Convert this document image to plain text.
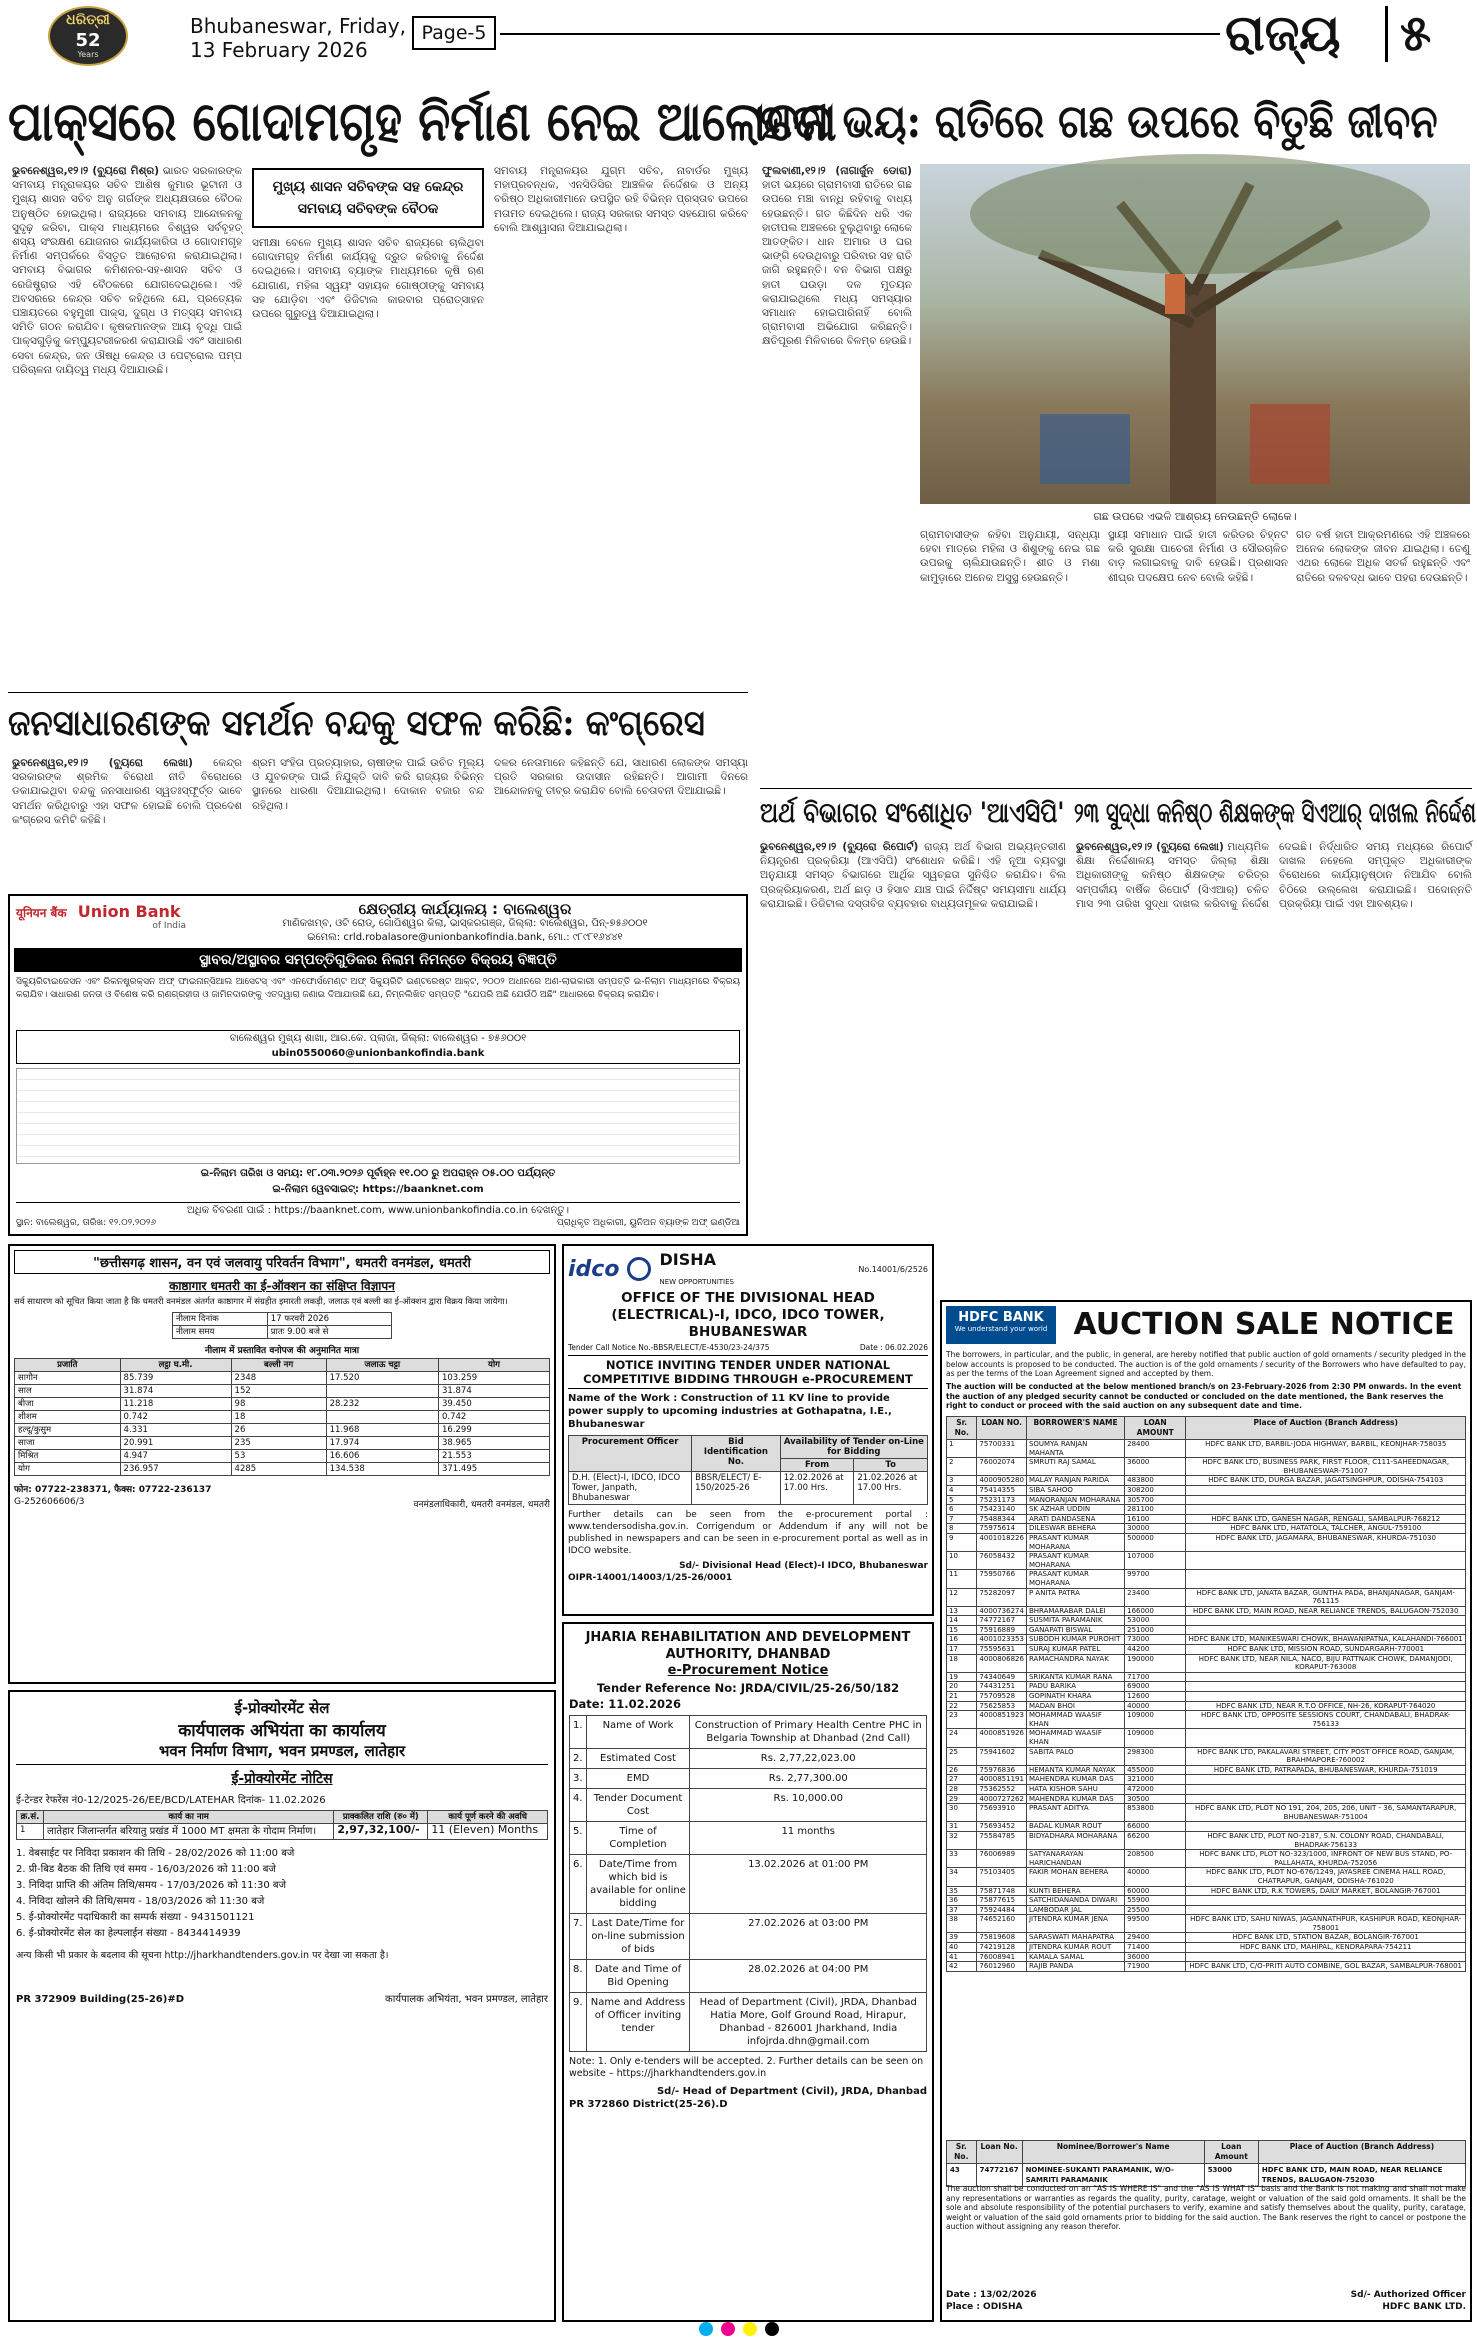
ଧରିତ୍ରୀ
52
Years
Bhubaneswar, Friday,
13 February 2026
Page-5	ରାଜ୍ୟ	୫
ପାକ୍ସରେ ଗୋଦାମଗୃହ ନିର୍ମାଣ ନେଇ ଆଲୋଚନା
ଭୁବନେଶ୍ୱର,୧୨।୨ (ବ୍ୟୁରୋ ମିଶ୍ର) ଭାରତ ସରକାରଙ୍କ ସମବାୟ ମନ୍ତ୍ରାଳୟର ସଚିବ ଆଶିଷ କୁମାର ଭୂଟାନୀ ଓ ମୁଖ୍ୟ ଶାସନ ସଚିବ ଅନୁ ଗର୍ଗଙ୍କ ଅଧ୍ୟକ୍ଷତାରେ ବୈଠକ ଅନୁଷ୍ଠିତ ହୋଇଥିଲା। ରାଜ୍ୟରେ ସମବାୟ ଆନ୍ଦୋଳନକୁ ସୁଦୃଢ଼ କରିବା, ପାକ୍ସ ମାଧ୍ୟମରେ ବିଶ୍ୱର ସର୍ବବୃହତ୍ ଶସ୍ୟ ସଂରକ୍ଷଣ ଯୋଜନାର କାର୍ଯ୍ୟକାରିତା ଓ ଗୋଦାମଗୃହ ନିର୍ମାଣ ସମ୍ପର୍କରେ ବିସ୍ତୃତ ଆଲୋଚନା କରାଯାଇଥିଲା। ସମବାୟ ବିଭାଗର କମିଶନର-ସହ-ଶାସନ ସଚିବ ଓ ରେଜିଷ୍ଟ୍ରାର ଏହି ବୈଠକରେ ଯୋଗଦେଇଥିଲେ। ଏହି ଅବସରରେ କେନ୍ଦ୍ର ସଚିବ କହିଥିଲେ ଯେ, ପ୍ରତ୍ୟେକ ପଞ୍ଚାୟତରେ ବହୁମୁଖୀ ପାକ୍ସ, ଦୁଗ୍ଧ ଓ ମତ୍ସ୍ୟ ସମବାୟ ସମିତି ଗଠନ କରାଯିବ। କୃଷକମାନଙ୍କ ଆୟ ବୃଦ୍ଧି ପାଇଁ ପାକ୍ସଗୁଡ଼ିକୁ କମ୍ପ୍ୟୁଟରୀକରଣ କରାଯାଉଛି ଏବଂ ସାଧାରଣ ସେବା କେନ୍ଦ୍ର, ଜନ ଔଷଧି କେନ୍ଦ୍ର ଓ ପେଟ୍ରୋଲ ପମ୍ପ ପରିଚାଳନା ଦାୟିତ୍ୱ ମଧ୍ୟ ଦିଆଯାଉଛି।
ମୁଖ୍ୟ ଶାସନ ସଚିବଙ୍କ ସହ କେନ୍ଦ୍ର ସମବାୟ ସଚିବଙ୍କ ବୈଠକ
ସମୀକ୍ଷା ବେଳେ ମୁଖ୍ୟ ଶାସନ ସଚିବ ରାଜ୍ୟରେ ଚାଲିଥିବା ଗୋଦାମଗୃହ ନିର୍ମାଣ କାର୍ଯ୍ୟକୁ ଦ୍ରୁତ କରିବାକୁ ନିର୍ଦ୍ଦେଶ ଦେଇଥିଲେ। ସମବାୟ ବ୍ୟାଙ୍କ ମାଧ୍ୟମରେ କୃଷି ଋଣ ଯୋଗାଣ, ମହିଳା ସ୍ୱୟଂ ସହାୟକ ଗୋଷ୍ଠୀଙ୍କୁ ସମବାୟ ସହ ଯୋଡ଼ିବା ଏବଂ ଡିଜିଟାଲ କାରବାର ପ୍ରୋତ୍ସାହନ ଉପରେ ଗୁରୁତ୍ୱ ଦିଆଯାଇଥିଲା।
ସମବାୟ ମନ୍ତ୍ରାଳୟର ଯୁଗ୍ମ ସଚିବ, ନାବାର୍ଡର ମୁଖ୍ୟ ମହାପ୍ରବନ୍ଧକ, ଏନସିଡିସିର ଆଞ୍ଚଳିକ ନିର୍ଦ୍ଦେଶକ ଓ ଅନ୍ୟ ବରିଷ୍ଠ ଅଧିକାରୀମାନେ ଉପସ୍ଥିତ ରହି ବିଭିନ୍ନ ପ୍ରସ୍ତାବ ଉପରେ ମତାମତ ଦେଇଥିଲେ। ରାଜ୍ୟ ସରକାର ସମସ୍ତ ସହଯୋଗ କରିବେ ବୋଲି ଆଶ୍ୱାସନା ଦିଆଯାଇଥିଲା।
ଜନସାଧାରଣଙ୍କ ସମର୍ଥନ ବନ୍ଦକୁ ସଫଳ କରିଛି: କଂଗ୍ରେସ
ଭୁବନେଶ୍ୱର,୧୨।୨ (ବ୍ୟୁରୋ ଲେଖା) କେନ୍ଦ୍ର ସରକାରଙ୍କ ଶ୍ରମିକ ବିରୋଧୀ ନୀତି ବିରୋଧରେ ଡକାଯାଇଥିବା ବନ୍ଦକୁ ଜନସାଧାରଣ ସ୍ୱତଃସ୍ଫୂର୍ତ୍ତ ଭାବେ ସମର୍ଥନ କରିଥିବାରୁ ଏହା ସଫଳ ହୋଇଛି ବୋଲି ପ୍ରଦେଶ କଂଗ୍ରେସ କମିଟି କହିଛି।
ଶ୍ରମ ସଂହିତା ପ୍ରତ୍ୟାହାର, ଚାଷୀଙ୍କ ପାଇଁ ଉଚିତ ମୂଲ୍ୟ ଓ ଯୁବକଙ୍କ ପାଇଁ ନିଯୁକ୍ତି ଦାବି କରି ରାଜ୍ୟର ବିଭିନ୍ନ ସ୍ଥାନରେ ଧାରଣା ଦିଆଯାଇଥିଲା। ଦୋକାନ ବଜାର ବନ୍ଦ ରହିଥିଲା।
ଦଳର ନେତାମାନେ କହିଛନ୍ତି ଯେ, ସାଧାରଣ ଲୋକଙ୍କ ସମସ୍ୟା ପ୍ରତି ସରକାର ଉଦାସୀନ ରହିଛନ୍ତି। ଆଗାମୀ ଦିନରେ ଆନ୍ଦୋଳନକୁ ତୀବ୍ର କରାଯିବ ବୋଲି ଚେତାବନୀ ଦିଆଯାଇଛି।
ହାତୀ ଭୟ: ରାତିରେ ଗଛ ଉପରେ ବିତୁଛି ଜୀବନ
ଫୁଲବାଣୀ,୧୨।୨ (ନାଗାର୍ଜୁନ ଡୋରା) ହାତୀ ଭୟରେ ଗ୍ରାମବାସୀ ରାତିରେ ଗଛ ଉପରେ ମଞ୍ଚା ବାନ୍ଧି ରହିବାକୁ ବାଧ୍ୟ ହେଉଛନ୍ତି। ଗତ କିଛିଦିନ ଧରି ଏକ ହାତୀପଲ ଅଞ୍ଚଳରେ ବୁଲୁଥିବାରୁ ଲୋକେ ଆତଙ୍କିତ। ଧାନ ଅମାର ଓ ଘର ଭାଙ୍ଗି ଦେଉଥିବାରୁ ପରିବାର ସହ ରାତି ଜାଗି ରହୁଛନ୍ତି। ବନ ବିଭାଗ ପକ୍ଷରୁ ହାତୀ ଘଉଡ଼ା ଦଳ ମୁତୟନ କରାଯାଇଥିଲେ ମଧ୍ୟ ସମସ୍ୟାର ସମାଧାନ ହୋଇପାରିନାହିଁ ବୋଲି ଗ୍ରାମବାସୀ ଅଭିଯୋଗ କରିଛନ୍ତି। କ୍ଷତିପୂରଣ ମିଳିବାରେ ବିଳମ୍ବ ହେଉଛି।
ଗଛ ଉପରେ ଏଭଳି ଆଶ୍ରୟ ନେଉଛନ୍ତି ଲୋକେ।
ଗ୍ରାମବାସୀଙ୍କ କହିବା ଅନୁଯାୟୀ, ସନ୍ଧ୍ୟା ହେବା ମାତ୍ରେ ମହିଳା ଓ ଶିଶୁଙ୍କୁ ନେଇ ଗଛ ଉପରକୁ ଚାଲିଯାଉଛନ୍ତି। ଶୀତ ଓ ମଶା କାମୁଡ଼ାରେ ଅନେକ ଅସୁସ୍ଥ ହେଉଛନ୍ତି।
ସ୍ଥାୟୀ ସମାଧାନ ପାଇଁ ହାତୀ କରିଡର ଚିହ୍ନଟ କରି ସୁରକ୍ଷା ପାଚେରୀ ନିର୍ମାଣ ଓ ସୌରଚାଳିତ ବାଡ଼ ଲଗାଇବାକୁ ଦାବି ହେଉଛି। ପ୍ରଶାସନ ଶୀଘ୍ର ପଦକ୍ଷେପ ନେବ ବୋଲି କହିଛି।
ଗତ ବର୍ଷ ହାତୀ ଆକ୍ରମଣରେ ଏହି ଅଞ୍ଚଳରେ ଅନେକ ଲୋକଙ୍କ ଜୀବନ ଯାଇଥିଲା। ତେଣୁ ଏଥର ଲୋକେ ଅଧିକ ସତର୍କ ରହୁଛନ୍ତି ଏବଂ ରାତିରେ ଦଳବଦ୍ଧ ଭାବେ ପହରା ଦେଉଛନ୍ତି।
ଅର୍ଥ ବିଭାଗର ସଂଶୋଧିତ 'ଆଏସିପି'
ଭୁବନେଶ୍ୱର,୧୨।୨ (ବ୍ୟୁରୋ ରିପୋର୍ଟ) ରାଜ୍ୟ ଅର୍ଥ ବିଭାଗ ଅଭ୍ୟନ୍ତରୀଣ ନିୟନ୍ତ୍ରଣ ପ୍ରକ୍ରିୟା (ଆଏସିପି) ସଂଶୋଧନ କରିଛି। ଏହି ନୂଆ ବ୍ୟବସ୍ଥା ଅନୁଯାୟୀ ସମସ୍ତ ବିଭାଗରେ ଆର୍ଥିକ ସ୍ୱଚ୍ଛତା ସୁନିଶ୍ଚିତ କରାଯିବ। ବିଲ ପ୍ରକ୍ରିୟାକରଣ, ଅର୍ଥ ଛାଡ଼ ଓ ହିସାବ ଯାଞ୍ଚ ପାଇଁ ନିର୍ଦ୍ଦିଷ୍ଟ ସମୟସୀମା ଧାର୍ଯ୍ୟ କରାଯାଇଛି। ଡିଜିଟାଲ ଦସ୍ତାବିଜ ବ୍ୟବହାର ବାଧ୍ୟତାମୂଳକ କରାଯାଇଛି।
୨୩ ସୁଦ୍ଧା କନିଷ୍ଠ ଶିକ୍ଷକଙ୍କ ସିଏଆର୍ ଦାଖଲ ନିର୍ଦ୍ଦେଶ
ଭୁବନେଶ୍ୱର,୧୨।୨ (ବ୍ୟୁରୋ ଲେଖା) ମାଧ୍ୟମିକ ଶିକ୍ଷା ନିର୍ଦ୍ଦେଶାଳୟ ସମସ୍ତ ଜିଲ୍ଲା ଶିକ୍ଷା ଅଧିକାରୀଙ୍କୁ କନିଷ୍ଠ ଶିକ୍ଷକଙ୍କ ଚରିତ୍ର ସମ୍ପର୍କୀୟ ବାର୍ଷିକ ରିପୋର୍ଟ (ସିଏଆର୍) ଚଳିତ ମାସ ୨୩ ତାରିଖ ସୁଦ୍ଧା ଦାଖଲ କରିବାକୁ ନିର୍ଦ୍ଦେଶ ଦେଇଛି। ନିର୍ଦ୍ଧାରିତ ସମୟ ମଧ୍ୟରେ ରିପୋର୍ଟ ଦାଖଲ ନହେଲେ ସମ୍ପୃକ୍ତ ଅଧିକାରୀଙ୍କ ବିରୋଧରେ କାର୍ଯ୍ୟାନୁଷ୍ଠାନ ନିଆଯିବ ବୋଲି ଚିଠିରେ ଉଲ୍ଲେଖ କରାଯାଇଛି। ପଦୋନ୍ନତି ପ୍ରକ୍ରିୟା ପାଇଁ ଏହା ଆବଶ୍ୟକ।
यूनियन बैंक Union Bank
of India
କ୍ଷେତ୍ରୀୟ କାର୍ଯ୍ୟାଳୟ : ବାଲେଶ୍ୱର
ମାଣିକଖମ୍ବ, ଓଟି ରୋଡ୍, ଗୋପିଶ୍ୱର କିଲା, ଭାସ୍କରଗଞ୍ଜ, ଜିଲ୍ଲା: ବାଲେଶ୍ୱର, ପିନ୍-୭୫୬୦୦୧
ଇମେଲ: crld.robalasore@unionbankofindia.bank, ମୋ.: ୯୮୯୮୧୬୪୪୧
ସ୍ଥାବର/ଅସ୍ଥାବର ସମ୍ପତ୍ତିଗୁଡିକର ନିଲାମ ନିମନ୍ତେ ବିକ୍ରୟ ବିଜ୍ଞପ୍ତି
ସିକ୍ୟୁରିଟାଇଜେସନ ଏବଂ ରିକନଷ୍ଟ୍ରକ୍ସନ ଅଫ୍ ଫାଇନାନ୍ସିଆଲ ଆସେଟସ୍ ଏବଂ ଏନଫୋର୍ସମେଣ୍ଟ ଅଫ୍ ସିକ୍ୟୁରିଟି ଇଣ୍ଟରେଷ୍ଟ ଆକ୍ଟ, ୨୦୦୨ ଅଧୀନରେ ଅଣ-ଲାଭକାରୀ ସମ୍ପତ୍ତି ଇ-ନିଲାମ ମାଧ୍ୟମରେ ବିକ୍ରୟ କରାଯିବ। ସାଧାରଣ ଜନତା ଓ ବିଶେଷ କରି ଋଣଗ୍ରହୀତା ଓ ଜାମିନଦାରଙ୍କୁ ଏତଦ୍ୱାରା ଜଣାଇ ଦିଆଯାଉଛି ଯେ, ନିମ୍ନଲିଖିତ ସମ୍ପତ୍ତି "ଯେପରି ଅଛି ଯେଉଁଠି ଅଛି" ଆଧାରରେ ବିକ୍ରୟ କରାଯିବ।
ବାଲେଶ୍ୱର ମୁଖ୍ୟ ଶାଖା, ଆର.କେ. ପ୍ଲାଜା, ଜିଲ୍ଲା: ବାଲେଶ୍ୱର - ୭୫୬୦୦୧
ubin0550060@unionbankofindia.bank
ଇ-ନିଲାମ ତାରିଖ ଓ ସମୟ: ୧୮.୦୩.୨୦୨୬ ପୂର୍ବାହ୍ନ ୧୧.୦୦ ରୁ ଅପରାହ୍ନ ୦୫.୦୦ ପର୍ଯ୍ୟନ୍ତ
ଇ-ନିଲାମ ୱେବସାଇଟ୍: https://baanknet.com
ଅଧିକ ବିବରଣୀ ପାଇଁ : https://baanknet.com, www.unionbankofindia.co.in ଦେଖନ୍ତୁ।
ସ୍ଥାନ: ବାଲେଶ୍ୱର, ତାରିଖ: ୧୨.୦୨.୨୦୨୬	ପ୍ରାଧିକୃତ ଅଧିକାରୀ, ୟୁନିଅନ ବ୍ୟାଙ୍କ ଅଫ୍ ଇଣ୍ଡିଆ
"छत्तीसगढ़ शासन, वन एवं जलवायु परिवर्तन विभाग", धमतरी वनमंडल, धमतरी
काष्ठागार धमतरी का ई-ऑक्शन का संक्षिप्त विज्ञापन
सर्व साधारण को सूचित किया जाता है कि धमतरी वनमंडल अंतर्गत काष्ठागार में संग्रहीत इमारती लकड़ी, जलाऊ एवं बल्ली का ई-ऑक्शन द्वारा विक्रय किया जायेगा।
नीलाम दिनांक	17 फरवरी 2026
नीलाम समय	प्रातः 9.00 बजे से
नीलाम में प्रस्तावित वनोपज की अनुमानित मात्रा
प्रजाति	लट्ठा घ.मी.	बल्ली नग	जलाऊ चट्टा	योग
सागौन	85.739	2348	17.520	103.259
साल	31.874	152		31.874
बीजा	11.218	98	28.232	39.450
शीशम	0.742	18		0.742
हल्दू/कुसुम	4.331	26	11.968	16.299
साजा	20.991	235	17.974	38.965
मिश्रित	4.947	53	16.606	21.553
योग	236.957	4285	134.538	371.495
फोन: 07722-238371, फैक्स: 07722-236137
G-252606606/3	वनमंडलाधिकारी, धमतरी वनमंडल, धमतरी
ई-प्रोक्योरमेंट सेल
कार्यपालक अभियंता का कार्यालय
भवन निर्माण विभाग, भवन प्रमण्डल, लातेहार
ई-प्रोक्योरमेंट नोटिस
ई-टेन्डर रेफरेंस नं0-12/2025-26/EE/BCD/LATEHAR दिनांक- 11.02.2026
क्र.सं.	कार्य का नाम	प्राक्कलित राशि (रु० में)	कार्य पूर्ण करने की अवधि
1	लातेहार जिलान्तर्गत बरियातु प्रखंड में 1000 MT क्षमता के गोदाम निर्माण।	2,97,32,100/-	11 (Eleven) Months
1. वेबसाईट पर निविदा प्रकाशन की तिथि - 28/02/2026 को 11:00 बजे
2. प्री-बिड बैठक की तिथि एवं समय - 16/03/2026 को 11:00 बजे
3. निविदा प्राप्ति की अंतिम तिथि/समय - 17/03/2026 को 11:30 बजे
4. निविदा खोलने की तिथि/समय - 18/03/2026 को 11:30 बजे
5. ई-प्रोक्योरमेंट पदाधिकारी का सम्पर्क संख्या - 9431501121
6. ई-प्रोक्योरमेंट सेल का हेल्पलाईन संख्या - 8434414939
अन्य किसी भी प्रकार के बदलाव की सूचना http://jharkhandtenders.gov.in पर देखा जा सकता है।
PR 372909 Building(25-26)#D	कार्यपालक अभियंता, भवन प्रमण्डल, लातेहार
idco	DISHA
NEW OPPORTUNITIES
No.14001/6/2526
OFFICE OF THE DIVISIONAL HEAD (ELECTRICAL)-I, IDCO, IDCO TOWER, BHUBANESWAR
Tender Call Notice No.-BBSR/ELECT/E-4530/23-24/375	Date : 06.02.2026
NOTICE INVITING TENDER UNDER NATIONAL COMPETITIVE BIDDING THROUGH e-PROCUREMENT
Name of the Work : Construction of 11 KV line to provide power supply to upcoming industries at Gothapatna, I.E., Bhubaneswar
Procurement Officer	Bid Identification No.	Availability of Tender on-Line for Bidding	
		From	To
D.H. (Elect)-I, IDCO, IDCO Tower, Janpath, Bhubaneswar	BBSR/ELECT/ E-150/2025-26	12.02.2026 at 17.00 Hrs.	21.02.2026 at 17.00 Hrs.
Further details can be seen from the e-procurement portal : www.tendersodisha.gov.in. Corrigendum or Addendum if any will not be published in newspapers and can be seen in e-procurement portal as well as in IDCO website.
Sd/- Divisional Head (Elect)-I IDCO, Bhubaneswar
OIPR-14001/14003/1/25-26/0001
JHARIA REHABILITATION AND DEVELOPMENT AUTHORITY, DHANBAD
e-Procurement Notice
Tender Reference No: JRDA/CIVIL/25-26/50/182
Date: 11.02.2026
1.	Name of Work	Construction of Primary Health Centre PHC in Belgaria Township at Dhanbad (2nd Call)
2.	Estimated Cost	Rs. 2,77,22,023.00
3.	EMD	Rs. 2,77,300.00
4.	Tender Document Cost	Rs. 10,000.00
5.	Time of Completion	11 months
6.	Date/Time from which bid is available for online bidding	13.02.2026 at 01:00 PM
7.	Last Date/Time for on-line submission of bids	27.02.2026 at 03:00 PM
8.	Date and Time of Bid Opening	28.02.2026 at 04:00 PM
9.	Name and Address of Officer inviting tender	Head of Department (Civil), JRDA, Dhanbad Hatia More, Golf Ground Road, Hirapur, Dhanbad - 826001 Jharkhand, India infojrda.dhn@gmail.com
Note: 1. Only e-tenders will be accepted. 2. Further details can be seen on website – https://jharkhandtenders.gov.in
Sd/- Head of Department (Civil), JRDA, Dhanbad
PR 372860 District(25-26).D
HDFC BANK
We understand your world AUCTION SALE NOTICE
The borrowers, in particular, and the public, in general, are hereby notified that public auction of gold ornaments / security pledged in the below accounts is proposed to be conducted. The auction is of the gold ornaments / security of the Borrowers who have defaulted to pay, as per the terms of the Loan Agreement signed and accepted by them.
The auction will be conducted at the below mentioned branch/s on 23-February-2026 from 2:30 PM onwards. In the event the auction of any pledged security cannot be conducted or concluded on the date mentioned, the Bank reserves the right to conduct or proceed with the said auction on any subsequent date and time.
Sr. No.	LOAN NO.	BORROWER'S NAME	LOAN AMOUNT	Place of Auction (Branch Address)
1	75700331	SOUMYA RANJAN MAHANTA	28400	HDFC BANK LTD, BARBIL-JODA HIGHWAY, BARBIL, KEONJHAR-758035
2	76002074	SMRUTI RAJ SAMAL	36000	HDFC BANK LTD, BUSINESS PARK, FIRST FLOOR, C111-SAHEEDNAGAR, BHUBANESWAR-751007
3	4000905280	MALAY RANJAN PARIDA	483800	HDFC BANK LTD, DURGA BAZAR, JAGATSINGHPUR, ODISHA-754103
4	75414355	SIBA SAHOO	308200	
5	75231173	MANORANJAN MOHARANA	305700	
6	75423140	SK AZHAR UDDIN	281100	
7	75488344	ARATI DANDASENA	16100	HDFC BANK LTD, GANESH NAGAR, RENGALI, SAMBALPUR-768212
8	75975614	DILESWAR BEHERA	30000	HDFC BANK LTD, HATATOLA, TALCHER, ANGUL-759100
9	4001018226	PRASANT KUMAR MOHARANA	500000	HDFC BANK LTD, JAGAMARA, BHUBANESWAR, KHURDA-751030
10	76058432	PRASANT KUMAR MOHARANA	107000	
11	75950766	PRASANT KUMAR MOHARANA	99700	
12	75282097	P ANITA PATRA	23400	HDFC BANK LTD, JANATA BAZAR, GUNTHA PADA, BHANJANAGAR, GANJAM-761115
13	4000736274	BHRAMARABAR DALEI	166000	HDFC BANK LTD, MAIN ROAD, NEAR RELIANCE TRENDS, BALUGAON-752030
14	74772167	SUSMITA PARAMANIK	53000	
15	75916889	GANAPATI BISWAL	251000	
16	4001023353	SUBODH KUMAR PUROHIT	73000	HDFC BANK LTD, MANIKESWARI CHOWK, BHAWANIPATNA, KALAHANDI-766001
17	75595631	SURAJ KUMAR PATEL	44200	HDFC BANK LTD, MISSION ROAD, SUNDARGARH-770001
18	4000806826	RAMACHANDRA NAYAK	190000	HDFC BANK LTD, NEAR NILA, NACO, BIJU PATTNAIK CHOWK, DAMANJODI, KORAPUT-763008
19	74340649	SRIKANTA KUMAR RANA	71700	
20	74431251	PADU BARIKA	69000	
21	75709528	GOPINATH KHARA	12600	
22	75625853	MADAN BHOI	40000	HDFC BANK LTD, NEAR R.T.O OFFICE, NH-26, KORAPUT-764020
23	4000851923	MOHAMMAD WAASIF KHAN	109000	HDFC BANK LTD, OPPOSITE SESSIONS COURT, CHANDABALI, BHADRAK-756133
24	4000851926	MOHAMMAD WAASIF KHAN	109000	
25	75941602	SABITA PALO	298300	HDFC BANK LTD, PAKALAVARI STREET, CITY POST OFFICE ROAD, GANJAM, BRAHMAPORE-760002
26	75976836	HEMANTA KUMAR NAYAK	455000	HDFC BANK LTD, PATRAPADA, BHUBANESWAR, KHURDA-751019
27	4000851191	MAHENDRA KUMAR DAS	321000	
28	75362552	HATA KISHOR SAHU	472000	
29	4000727262	MAHENDRA KUMAR DAS	30500	
30	75693910	PRASANT ADITYA	853800	HDFC BANK LTD, PLOT NO 191, 204, 205, 206, UNIT - 36, SAMANTARAPUR, BHUBANESWAR-751004
31	75693452	BADAL KUMAR ROUT	66000	
32	75584785	BIDYADHARA MOHARANA	66200	HDFC BANK LTD, PLOT NO-2187, S.N. COLONY ROAD, CHANDABALI, BHADRAK-756133
33	76006989	SATYANARAYAN HARICHANDAN	208500	HDFC BANK LTD, PLOT NO-323/1000, INFRONT OF NEW BUS STAND, PO-PALLAHATA, KHURDA-752056
34	75103405	FAKIR MOHAN BEHERA	40000	HDFC BANK LTD, PLOT NO-676/1249, JAYASREE CINEMA HALL ROAD, CHATRAPUR, GANJAM, ODISHA-761020
35	75871748	KUNTI BEHERA	60000	HDFC BANK LTD, R.K TOWERS, DAILY MARKET, BOLANGIR-767001
36	75877615	SATCHIDANANDA DIWARI	55900	
37	75924484	LAMBODAR JAL	25500	
38	74652160	JITENDRA KUMAR JENA	99500	HDFC BANK LTD, SAHU NIWAS, JAGANNATHPUR, KASHIPUR ROAD, KEONJHAR-758001
39	75819608	SARASWATI MAHAPATRA	29400	HDFC BANK LTD, STATION BAZAR, BOLANGIR-767001
40	74219128	JITENDRA KUMAR ROUT	71400	HDFC BANK LTD, MAHIPAL, KENDRAPARA-754211
41	76008941	KAMALA SAMAL	36000	
42	76012960	RAJIB PANDA	71900	HDFC BANK LTD, C/O-PRITI AUTO COMBINE, GOL BAZAR, SAMBALPUR-768001
Sr. No.	Loan No.	Nominee/Borrower's Name	Loan Amount	Place of Auction (Branch Address)
43	74772167	NOMINEE-SUKANTI PARAMANIK, W/O-SAMRITI PARAMANIK	53000	HDFC BANK LTD, MAIN ROAD, NEAR RELIANCE TRENDS, BALUGAON-752030
The auction shall be conducted on an "AS IS WHERE IS" and the "AS IS WHAT IS" basis and the Bank is not making and shall not make any representations or warranties as regards the quality, purity, caratage, weight or valuation of the said gold ornaments. It shall be the sole and absolute responsibility of the potential purchasers to verify, examine and satisfy themselves about the quality, purity, caratage, weight or valuation of the said gold ornaments prior to bidding for the said auction. The Bank reserves the right to cancel or postpone the auction without assigning any reason therefor.
Date : 13/02/2026
Place : ODISHA
Sd/- Authorized Officer
HDFC BANK LTD.
